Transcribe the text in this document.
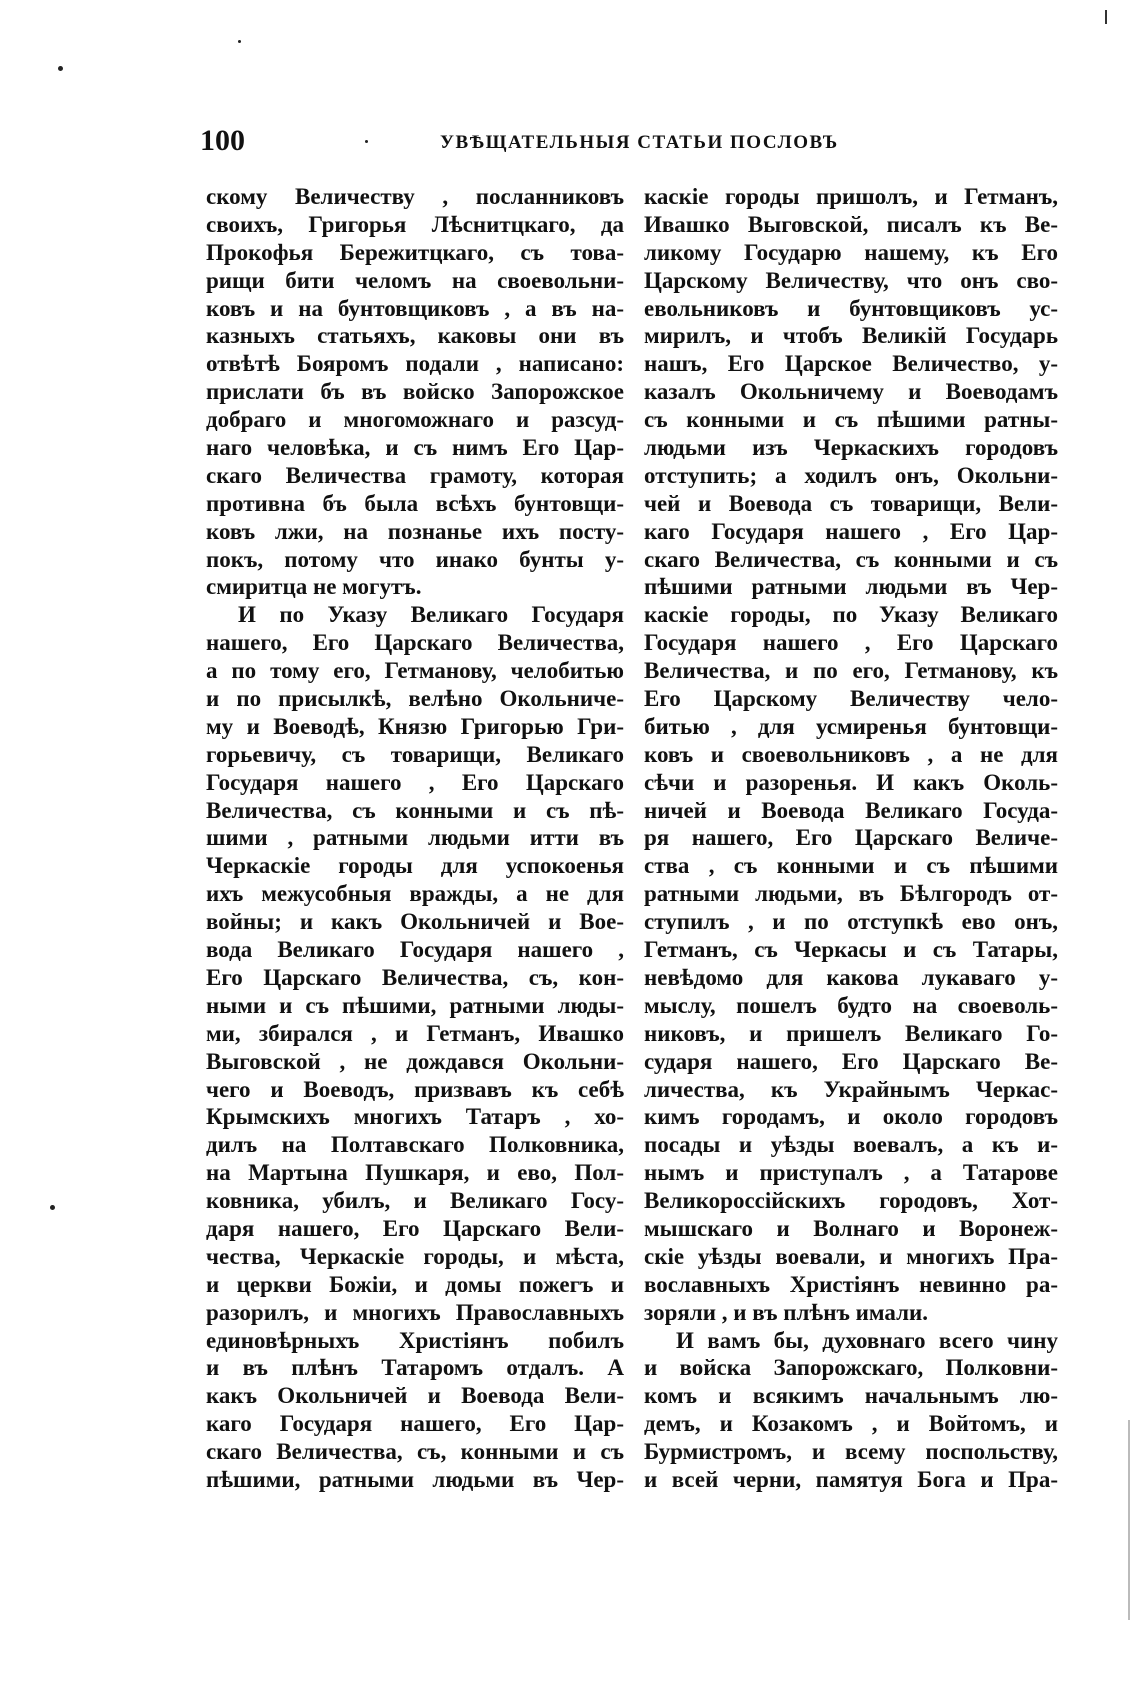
100	УВѢЩАТЕЛЬНЫЯ СТАТЬИ ПОСЛОВЪ
скому Величеству , посланниковъ
своихъ, Григорья Лѣснитцкаго, да
Прокофья Бережитцкаго, съ това-
рищи бити челомъ на своевольни-
ковъ и на бунтовщиковъ , а въ на-
казныхъ статьяхъ, каковы они въ
отвѣтѣ Бояромъ подали , написано:
прислати бъ въ войско Запорожское
добраго и многоможнаго и разсуд-
наго человѣка, и съ нимъ Его Цар-
скаго Величества грамоту, которая
противна бъ была всѣхъ бунтовщи-
ковъ лжи, на познанье ихъ посту-
покъ, потому что инако бунты у-
смиритца не могутъ.
И по Указу Великаго Государя
нашего, Его Царскаго Величества,
а по тому его, Гетманову, челобитью
и по присылкѣ, велѣно Окольниче-
му и Воеводѣ, Князю Григорью Гри-
горьевичу, съ товарищи, Великаго
Государя нашего , Его Царскаго
Величества, съ конными и съ пѣ-
шими , ратными людьми итти въ
Черкаскіе городы для успокоенья
ихъ межусобныя вражды, а не для
войны; и какъ Окольничей и Вое-
вода Великаго Государя нашего ,
Его Царскаго Величества, съ, кон-
ными и съ пѣшими, ратными люды-
ми, збирался , и Гетманъ, Ивашко
Выговской , не дождався Окольни-
чего и Воеводъ, призвавъ къ себѣ
Крымскихъ многихъ Татаръ , хо-
дилъ на Полтавскаго Полковника,
на Мартына Пушкаря, и ево, Пол-
ковника, убилъ, и Великаго Госу-
даря нашего, Его Царскаго Вели-
чества, Черкаскіе городы, и мѣста,
и церкви Божіи, и домы пожегъ и
разорилъ, и многихъ Православныхъ
единовѣрныхъ Христіянъ побилъ
и въ плѣнъ Татаромъ отдалъ. А
какъ Окольничей и Воевода Вели-
каго Государя нашего, Его Цар-
скаго Величества, съ, конными и съ
пѣшими, ратными людьми въ Чер-
каскіе городы пришолъ, и Гетманъ,
Ивашко Выговской, писалъ къ Ве-
ликому Государю нашему, къ Его
Царскому Величеству, что онъ сво-
евольниковъ и бунтовщиковъ ус-
мирилъ, и чтобъ Великій Государь
нашъ, Его Царское Величество, у-
казалъ Окольничему и Воеводамъ
съ конными и съ пѣшими ратны-
людьми изъ Черкаскихъ городовъ
отступить; а ходилъ онъ, Окольни-
чей и Воевода съ товарищи, Вели-
каго Государя нашего , Его Цар-
скаго Величества, съ конными и съ
пѣшими ратными людьми въ Чер-
каскіе городы, по Указу Великаго
Государя нашего , Его Царскаго
Величества, и по его, Гетманову, къ
Его Царскому Величеству чело-
битью , для усмиренья бунтовщи-
ковъ и своевольниковъ , а не для
сѣчи и разоренья. И какъ Околь-
ничей и Воевода Великаго Госуда-
ря нашего, Его Царскаго Величе-
ства , съ конными и съ пѣшими
ратными людьми, въ Бѣлгородъ от-
ступилъ , и по отступкѣ ево онъ,
Гетманъ, съ Черкасы и съ Татары,
невѣдомо для какова лукаваго у-
мыслу, пошелъ будто на своеволь-
никовъ, и пришелъ Великаго Го-
сударя нашего, Его Царскаго Ве-
личества, къ Украйнымъ Черкас-
кимъ городамъ, и около городовъ
посады и уѣзды воевалъ, а къ и-
нымъ и приступалъ , а Татарове
Великороссійскихъ городовъ, Хот-
мышскаго и Волнаго и Воронеж-
скіе уѣзды воевали, и многихъ Пра-
вославныхъ Христіянъ невинно ра-
зоряли , и въ плѣнъ имали.
И вамъ бы, духовнаго всего чину
и войска Запорожскаго, Полковни-
комъ и всякимъ начальнымъ лю-
демъ, и Козакомъ , и Войтомъ, и
Бурмистромъ, и всему поспольству,
и всей черни, памятуя Бога и Пра-
